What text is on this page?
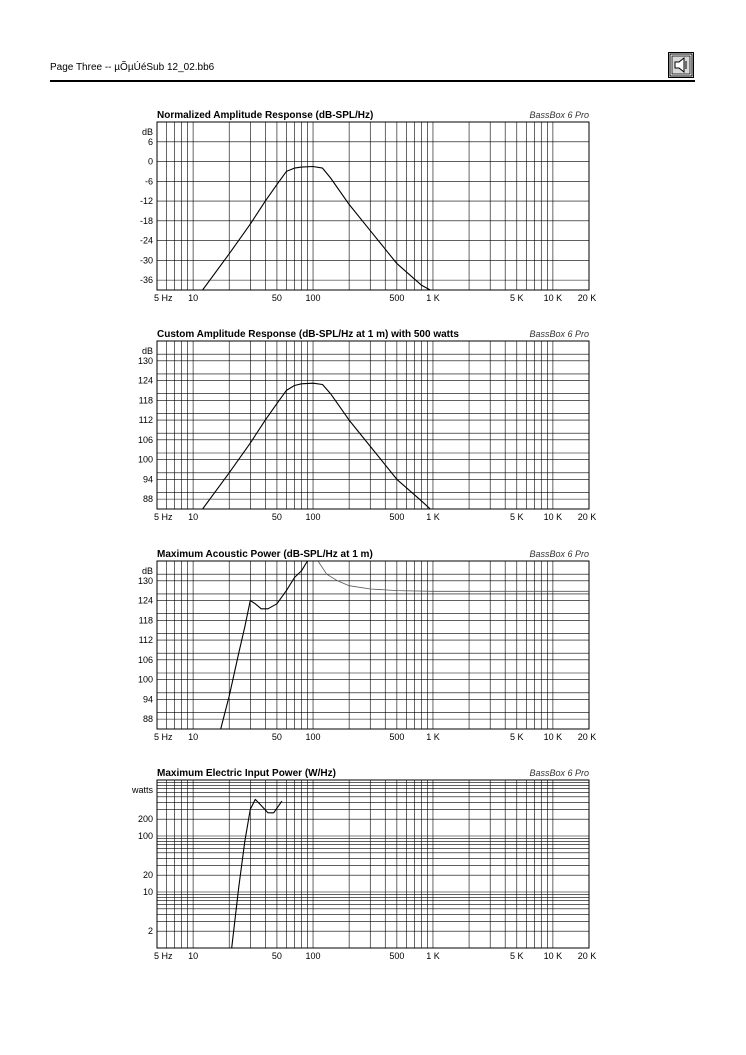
Page Three -- µÕµÚéSub 12_02.bb6
Normalized Amplitude Response (dB-SPL/Hz)	BassBox 6 Pro
dB
6
0
-6
-12
-18
-24
-30
-36
5 Hz 10	50	100	500 1 K	5 K 10 K 20 K
Custom Amplitude Response (dB-SPL/Hz at 1 m) with 500 watts	BassBox 6 Pro
dB
130
124
118
112
106
100
94
88
5 Hz 10	50	100	500 1 K	5 K 10 K 20 K
Maximum Acoustic Power (dB-SPL/Hz at 1 m)	BassBox 6 Pro
dB
130
124
118
112
106
100
94
88
5 Hz 10	50	100	500 1 K	5 K 10 K 20 K
Maximum Electric Input Power (W/Hz)	BassBox 6 Pro
watts
200
100
20
10
2
5 Hz 10	50	100	500 1 K	5 K 10 K 20 K
